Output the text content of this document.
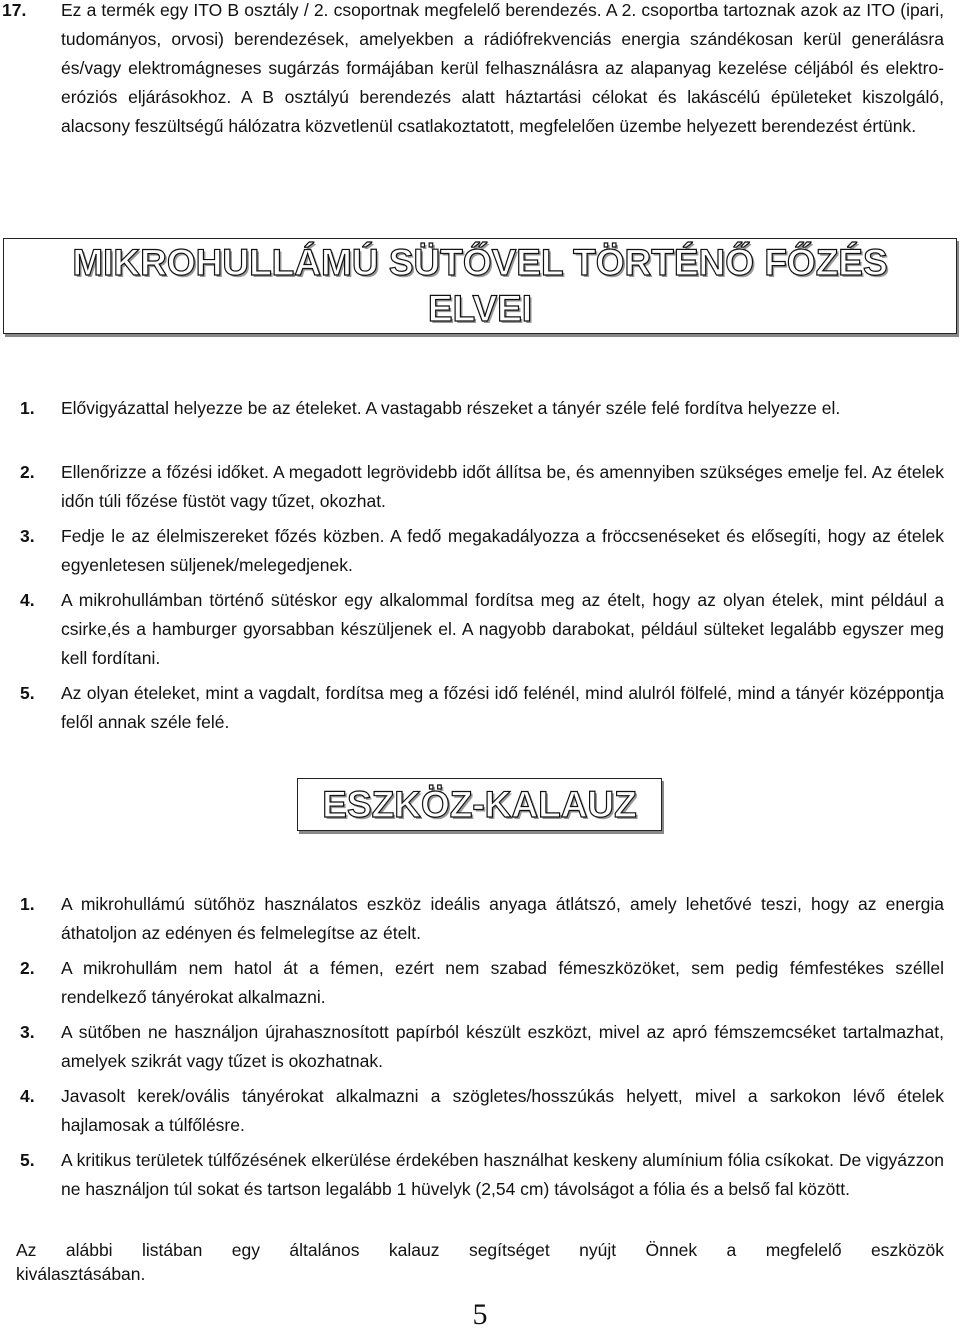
17. Ez a termék egy ITO B osztály / 2. csoportnak megfelelő berendezés. A 2. csoportba tartoznak azok az ITO (ipari, tudományos, orvosi) berendezések, amelyekben a rádiófrekvenciás energia szándékosan kerül generálásra és/vagy elektromágneses sugárzás formájában kerül felhasználásra az alapanyag kezelése céljából és elektro-eróziós eljárásokhoz. A B osztályú berendezés alatt háztartási célokat és lakáscélú épületeket kiszolgáló, alacsony feszültségű hálózatra közvetlenül csatlakoztatott, megfelelően üzembe helyezett berendezést értünk.
MIKROHULLÁMÚ SÜTŐVEL TÖRTÉNŐ FŐZÉS
ELVEI
1. Elővigyázattal helyezze be az ételeket. A vastagabb részeket a tányér széle felé fordítva helyezze el.
2. Ellenőrizze a főzési időket. A megadott legrövidebb időt állítsa be, és amennyiben szükséges emelje fel. Az ételek időn túli főzése füstöt vagy tűzet, okozhat.
3. Fedje le az élelmiszereket főzés közben. A fedő megakadályozza a fröccsenéseket és elősegíti, hogy az ételek egyenletesen süljenek/melegedjenek.
4. A mikrohullámban történő sütéskor egy alkalommal fordítsa meg az ételt, hogy az olyan ételek, mint például a csirke,és a hamburger gyorsabban készüljenek el. A nagyobb darabokat, például sülteket legalább egyszer meg kell fordítani.
5. Az olyan ételeket, mint a vagdalt, fordítsa meg a főzési idő felénél, mind alulról fölfelé, mind a tányér középpontja felől annak széle felé.
ESZKÖZ-KALAUZ
1. A mikrohullámú sütőhöz használatos eszköz ideális anyaga átlátszó, amely lehetővé teszi, hogy az energia áthatoljon az edényen és felmelegítse az ételt.
2. A mikrohullám nem hatol át a fémen, ezért nem szabad fémeszközöket, sem pedig fémfestékes széllel rendelkező tányérokat alkalmazni.
3. A sütőben ne használjon újrahasznosított papírból készült eszközt, mivel az apró fémszemcséket tartalmazhat, amelyek szikrát vagy tűzet is okozhatnak.
4. Javasolt kerek/ovális tányérokat alkalmazni a szögletes/hosszúkás helyett, mivel a sarkokon lévő ételek hajlamosak a túlfőlésre.
5. A kritikus területek túlfőzésének elkerülése érdekében használhat keskeny alumínium fólia csíkokat. De vigyázzon ne használjon túl sokat és tartson legalább 1 hüvelyk (2,54 cm) távolságot a fólia és a belső fal között.
Az alábbi listában egy általános kalauz segítséget nyújt Önnek a megfelelő eszközök
kiválasztásában.
5
